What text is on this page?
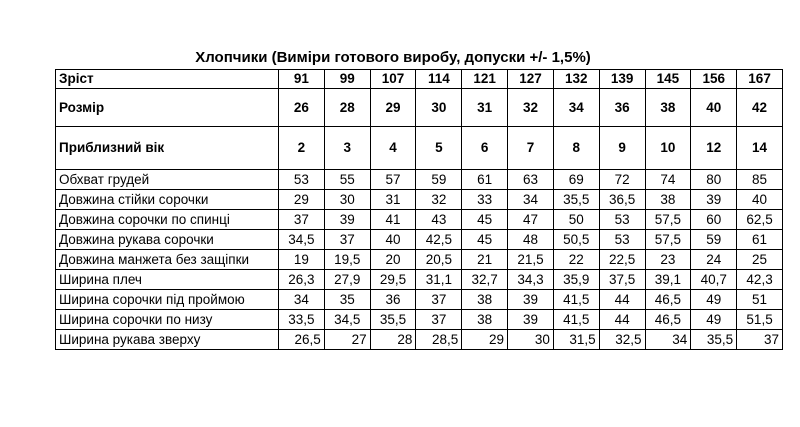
Хлопчики (Виміри готового виробу, допуски +/- 1,5%)
Зріст	91	99	107	114	121	127	132	139	145	156	167
Розмір	26	28	29	30	31	32	34	36	38	40	42
Приблизний вік	2	3	4	5	6	7	8	9	10	12	14
Обхват грудей	53	55	57	59	61	63	69	72	74	80	85
Довжина стійки сорочки	29	30	31	32	33	34	35,5	36,5	38	39	40
Довжина сорочки по спинці	37	39	41	43	45	47	50	53	57,5	60	62,5
Довжина рукава сорочки	34,5	37	40	42,5	45	48	50,5	53	57,5	59	61
Довжина манжета без защіпки	19	19,5	20	20,5	21	21,5	22	22,5	23	24	25
Ширина плеч	26,3	27,9	29,5	31,1	32,7	34,3	35,9	37,5	39,1	40,7	42,3
Ширина сорочки під проймою	34	35	36	37	38	39	41,5	44	46,5	49	51
Ширина сорочки по низу	33,5	34,5	35,5	37	38	39	41,5	44	46,5	49	51,5
Ширина рукава зверху	26,5	27	28	28,5	29	30	31,5	32,5	34	35,5	37
